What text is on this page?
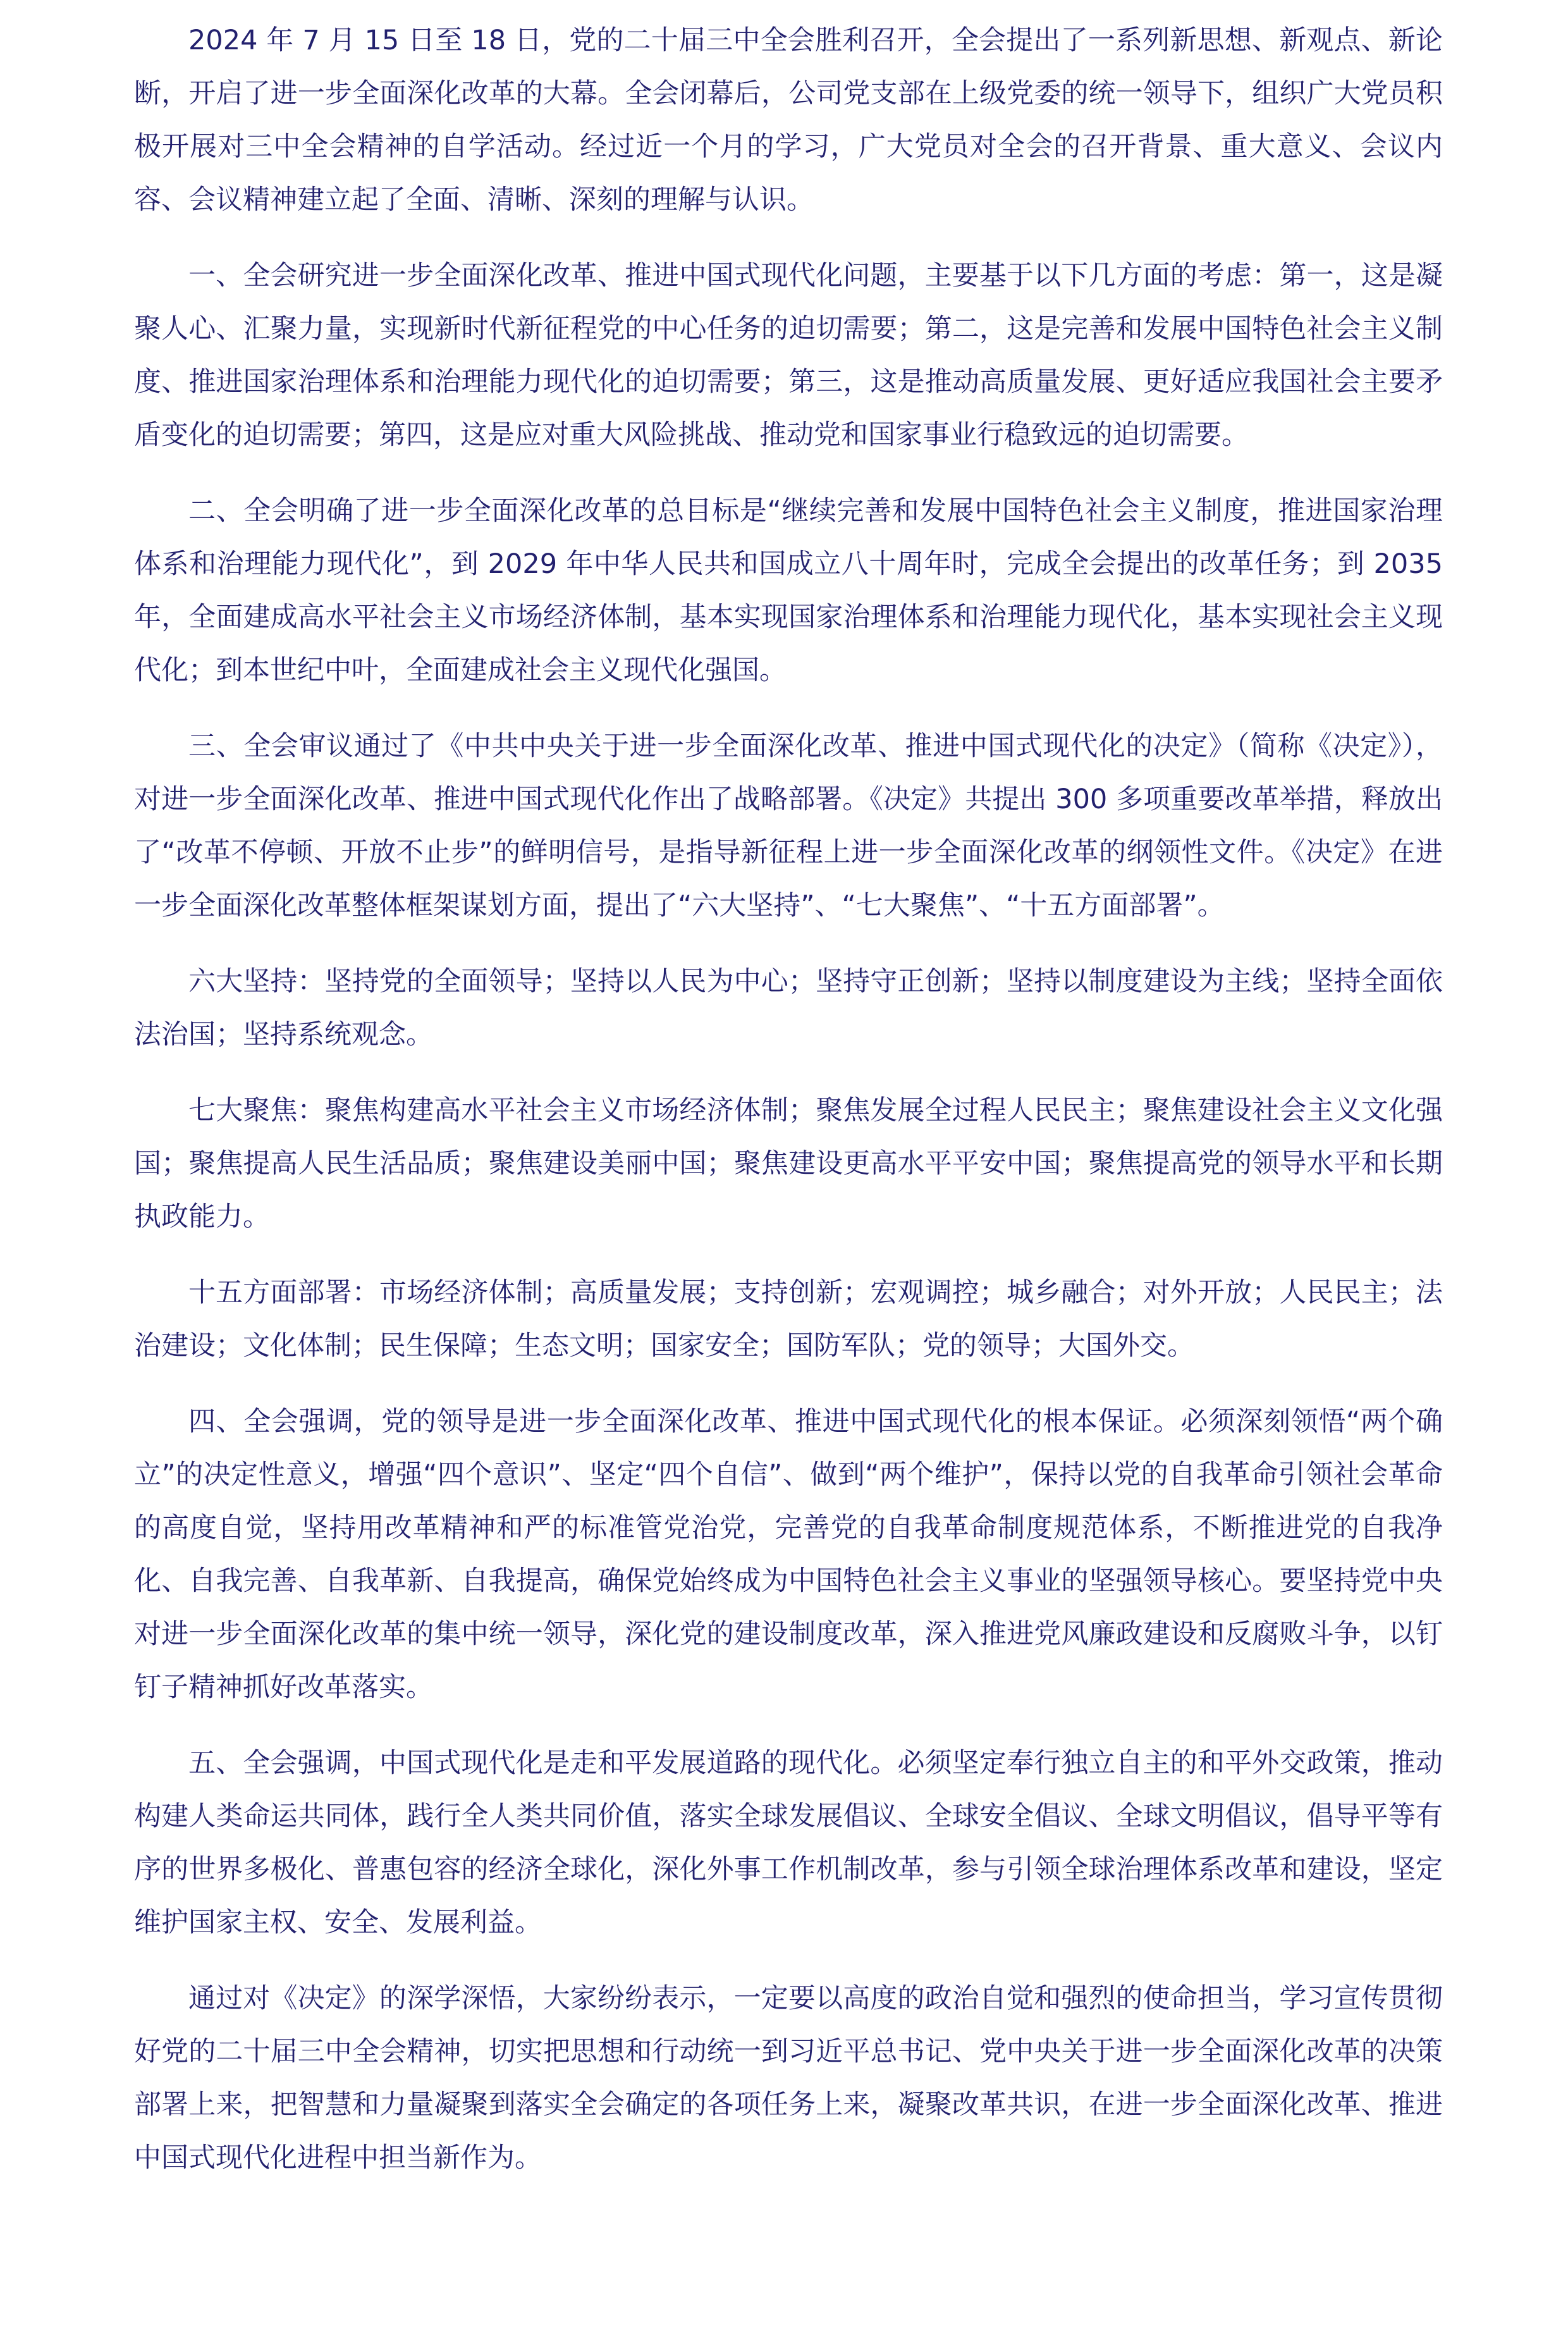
2024 年 7 月 15 日至 18 日，党的二十届三中全会胜利召开，全会提出了一系列新思想、新观点、新论断，开启了进一步全面深化改革的大幕。全会闭幕后，公司党支部在上级党委的统一领导下，组织广大党员积极开展对三中全会精神的自学活动。经过近一个月的学习，广大党员对全会的召开背景、重大意义、会议内容、会议精神建立起了全面、清晰、深刻的理解与认识。

一、全会研究进一步全面深化改革、推进中国式现代化问题，主要基于以下几方面的考虑：第一，这是凝聚人心、汇聚力量，实现新时代新征程党的中心任务的迫切需要；第二，这是完善和发展中国特色社会主义制度、推进国家治理体系和治理能力现代化的迫切需要；第三，这是推动高质量发展、更好适应我国社会主要矛盾变化的迫切需要；第四，这是应对重大风险挑战、推动党和国家事业行稳致远的迫切需要。

二、全会明确了进一步全面深化改革的总目标是“继续完善和发展中国特色社会主义制度，推进国家治理体系和治理能力现代化”，到 2029 年中华人民共和国成立八十周年时，完成全会提出的改革任务；到 2035 年，全面建成高水平社会主义市场经济体制，基本实现国家治理体系和治理能力现代化，基本实现社会主义现代化；到本世纪中叶，全面建成社会主义现代化强国。

三、全会审议通过了《中共中央关于进一步全面深化改革、推进中国式现代化的决定》（简称《决定》），对进一步全面深化改革、推进中国式现代化作出了战略部署。《决定》共提出 300 多项重要改革举措，释放出了“改革不停顿、开放不止步”的鲜明信号，是指导新征程上进一步全面深化改革的纲领性文件。《决定》在进一步全面深化改革整体框架谋划方面，提出了“六大坚持”、“七大聚焦”、“十五方面部署”。

六大坚持：坚持党的全面领导；坚持以人民为中心；坚持守正创新；坚持以制度建设为主线；坚持全面依法治国；坚持系统观念。

七大聚焦：聚焦构建高水平社会主义市场经济体制；聚焦发展全过程人民民主；聚焦建设社会主义文化强国；聚焦提高人民生活品质；聚焦建设美丽中国；聚焦建设更高水平平安中国；聚焦提高党的领导水平和长期执政能力。

十五方面部署：市场经济体制；高质量发展；支持创新；宏观调控；城乡融合；对外开放；人民民主；法治建设；文化体制；民生保障；生态文明；国家安全；国防军队；党的领导；大国外交。

四、全会强调，党的领导是进一步全面深化改革、推进中国式现代化的根本保证。必须深刻领悟“两个确立”的决定性意义，增强“四个意识”、坚定“四个自信”、做到“两个维护”，保持以党的自我革命引领社会革命的高度自觉，坚持用改革精神和严的标准管党治党，完善党的自我革命制度规范体系，不断推进党的自我净化、自我完善、自我革新、自我提高，确保党始终成为中国特色社会主义事业的坚强领导核心。要坚持党中央对进一步全面深化改革的集中统一领导，深化党的建设制度改革，深入推进党风廉政建设和反腐败斗争，以钉钉子精神抓好改革落实。

五、全会强调，中国式现代化是走和平发展道路的现代化。必须坚定奉行独立自主的和平外交政策，推动构建人类命运共同体，践行全人类共同价值，落实全球发展倡议、全球安全倡议、全球文明倡议，倡导平等有序的世界多极化、普惠包容的经济全球化，深化外事工作机制改革，参与引领全球治理体系改革和建设，坚定维护国家主权、安全、发展利益。

通过对《决定》的深学深悟，大家纷纷表示，一定要以高度的政治自觉和强烈的使命担当，学习宣传贯彻好党的二十届三中全会精神，切实把思想和行动统一到习近平总书记、党中央关于进一步全面深化改革的决策部署上来，把智慧和力量凝聚到落实全会确定的各项任务上来，凝聚改革共识，在进一步全面深化改革、推进中国式现代化进程中担当新作为。
